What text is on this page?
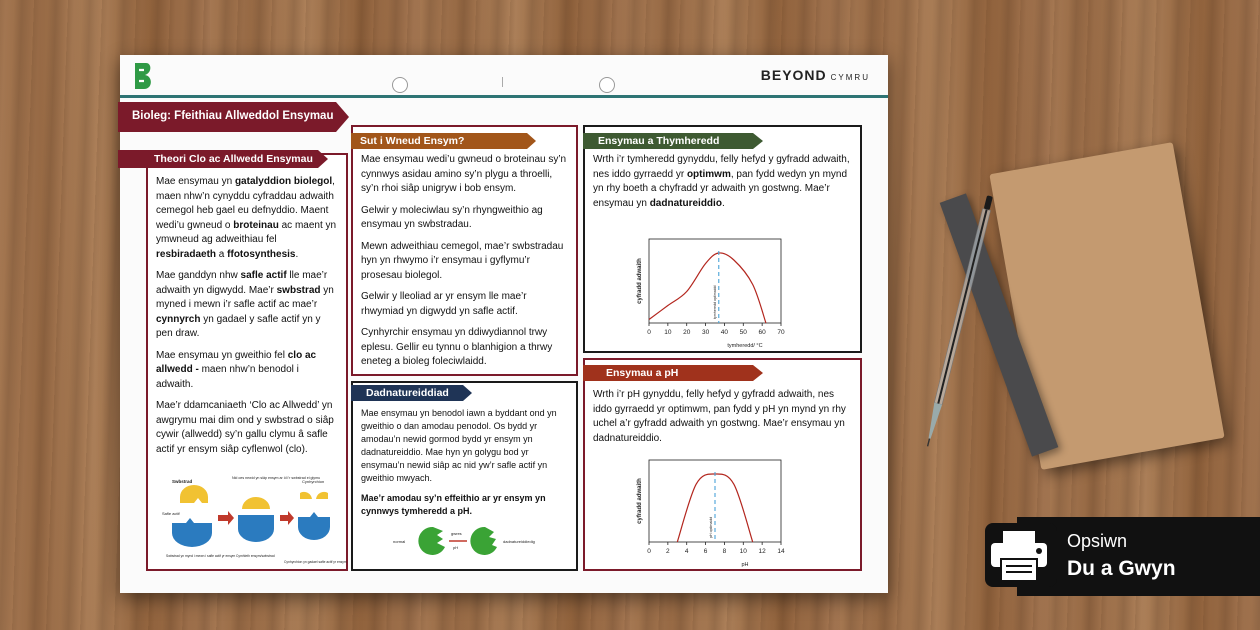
BEYOND CYMRU
Bioleg: Ffeithiau Allweddol Ensymau

Mae ensymau yn gatalyddion biolegol, maen nhw’n cynyddu cyfraddau adwaith cemegol heb gael eu defnyddio. Maent wedi’u gwneud o broteinau ac maent yn ymwneud ag adweithiau fel resbiradaeth a ffotosynthesis.

Mae ganddyn nhw safle actif lle mae’r adwaith yn digwydd. Mae’r swbstrad yn myned i mewn i’r safle actif ac mae’r cynnyrch yn gadael y safle actif yn y pen draw.

Mae ensymau yn gweithio fel clo ac allwedd - maen nhw’n benodol i adwaith.

Mae’r ddamcaniaeth ‘Clo ac Allwedd’ yn awgrymu mai dim ond y swbstrad o siâp cywir (allwedd) sy’n gallu clymu â safle actif yr ensym siâp cyflenwol (clo).

Swbstrad
Nid oes newid yn siâp ensym ar ôl i’r swbstrad ei glymu
Cynhyrchion
Safle actif
Swbstrad yn mynd i mewn i safle actif yr ensym Cymhleth ensym/swbstrad
Cynhyrchion yn gadael safle actif yr ensym
Theori Clo ac Allwedd Ensymau	Mae ensymau wedi’u gwneud o broteinau sy’n cynnwys asidau amino sy’n plygu a throelli, sy’n rhoi siâp unigryw i bob ensym.

Gelwir y moleciwlau sy’n rhyngweithio ag ensymau yn swbstradau.

Mewn adweithiau cemegol, mae’r swbstradau hyn yn rhwymo i’r ensymau i gyflymu’r prosesau biolegol.

Gelwir y lleoliad ar yr ensym lle mae’r rhwymiad yn digwydd yn safle actif.

Cynhyrchir ensymau yn ddiwydiannol trwy eplesu. Gellir eu tynnu o blanhigion a thrwy eneteg a bioleg foleciwlaidd.

Sut i Wneud Ensym?

Mae ensymau yn benodol iawn a byddant ond yn gweithio o dan amodau penodol. Os bydd yr amodau’n newid gormod bydd yr ensym yn dadnatureiddio. Mae hyn yn golygu bod yr ensymau’n newid siâp ac nid yw’r safle actif yn gweithio mwyach.

Mae’r amodau sy’n effeithio ar yr ensym yn cynnwys tymheredd a pH.

normal
gwres
pH
dadnatureiddiedig
Dadnatureiddiad

Wrth i’r tymheredd gynyddu, felly hefyd y gyfradd adwaith, nes iddo gyrraedd yr optimwm, pan fydd wedyn yn mynd yn rhy boeth a chyfradd yr adwaith yn gostwng. Mae’r ensymau yn dadnatureiddio.

0 10 20 30 40 50 60 70
tymheredd optimaidd
cyfradd adwaith
tymheredd/ °C
Ensymau a Thymheredd

Wrth i’r pH gynyddu, felly hefyd y gyfradd adwaith, nes iddo gyrraedd yr optimwm, pan fydd y pH yn mynd yn rhy uchel a’r gyfradd adwaith yn gostwng. Mae’r ensymau yn dadnatureiddio.

0 2 4 6 8 10 12 14
pH optimaidd
cyfradd adwaith
pH
Ensymau a pH
Opsiwn
Du a Gwyn
